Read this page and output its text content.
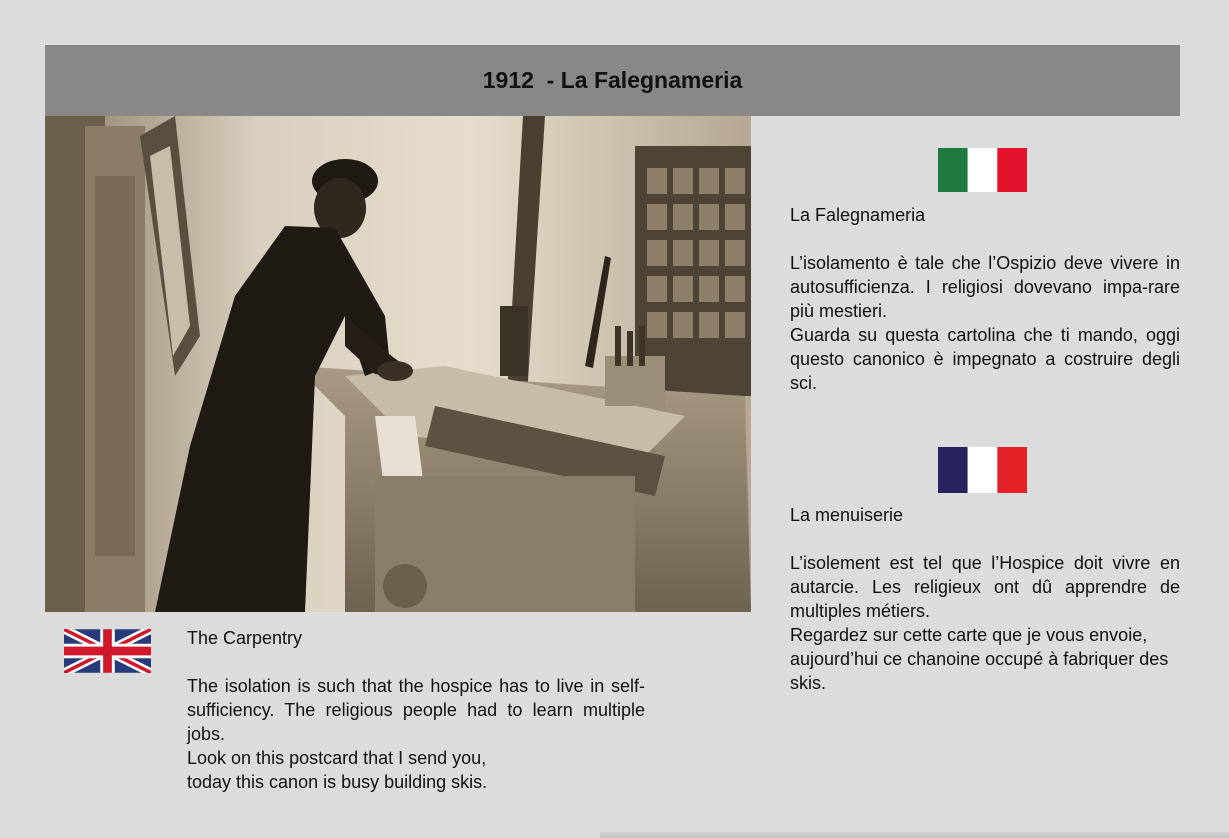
1912  - La Falegnameria

The Carpentry

The isolation is such that the hospice has to live in self-sufficiency. The religious people had to learn multiple jobs.

Look on this postcard that I send you,

today this canon is busy building skis.

La Falegnameria

L’isolamento è tale che l’Ospizio deve vivere in autosufficienza. I religiosi dovevano impa-rare più mestieri.

Guarda su questa cartolina che ti mando, oggi questo canonico è impegnato a costruire degli sci.

La menuiserie

L’isolement est tel que l’Hospice doit vivre en autarcie. Les religieux ont dû apprendre de multiples métiers.

Regardez sur cette carte que je vous envoie, aujourd’hui ce chanoine occupé à fabriquer des skis.
